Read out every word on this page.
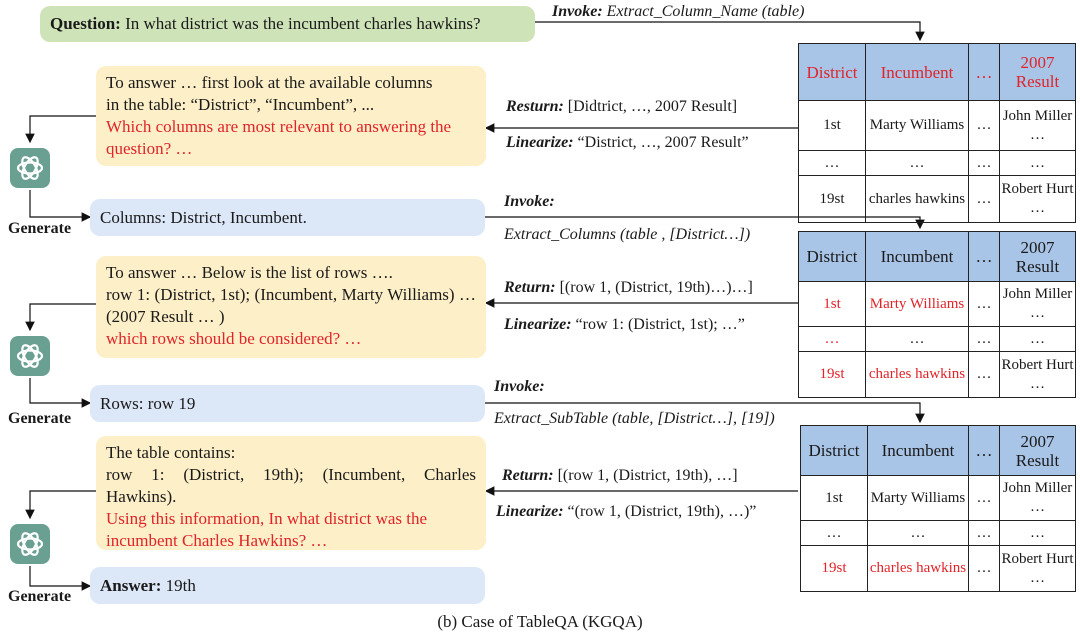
Question: In what district was the incumbent charles hawkins?
Invoke: Extract_Column_Name (table)
Resturn: [Didtrict, …, 2007 Result]
Linearize: “District, …, 2007 Result”
To answer … first look at the available columns
in the table: “District”, “Incumbent”, ...
Which columns are most relevant to answering the question? …
Generate
Columns: District, Incumbent.
District	Incumbent	…	2007 Result
1st	Marty Williams	…	John Miller …
…	…	…	…
19st	charles hawkins	…	Robert Hurt …
Invoke:
Extract_Columns (table , [District…])
Return: [(row 1, (District, 19th)…)…]
Linearize: “row 1: (District, 1st); …”
To answer … Below is the list of rows ….
row 1: (District, 1st); (Incumbent, Marty Williams) … (2007 Result … )
which rows should be considered? …
Generate
Rows: row 19
District	Incumbent	…	2007 Result
1st	Marty Williams	…	John Miller …
…	…	…	…
19st	charles hawkins	…	Robert Hurt …
Invoke:
Extract_SubTable (table, [District…], [19])
Return: [(row 1, (District, 19th), …]
Linearize: “(row 1, (District, 19th), …)”
The table contains:
row 1: (District, 19th); (Incumbent, Charles Hawkins).
Using this information, In what district was the incumbent Charles Hawkins? …
Generate
Answer: 19th
District	Incumbent	…	2007 Result
1st	Marty Williams	…	John Miller …
…	…	…	…
19st	charles hawkins	…	Robert Hurt …
(b) Case of TableQA (KGQA)
